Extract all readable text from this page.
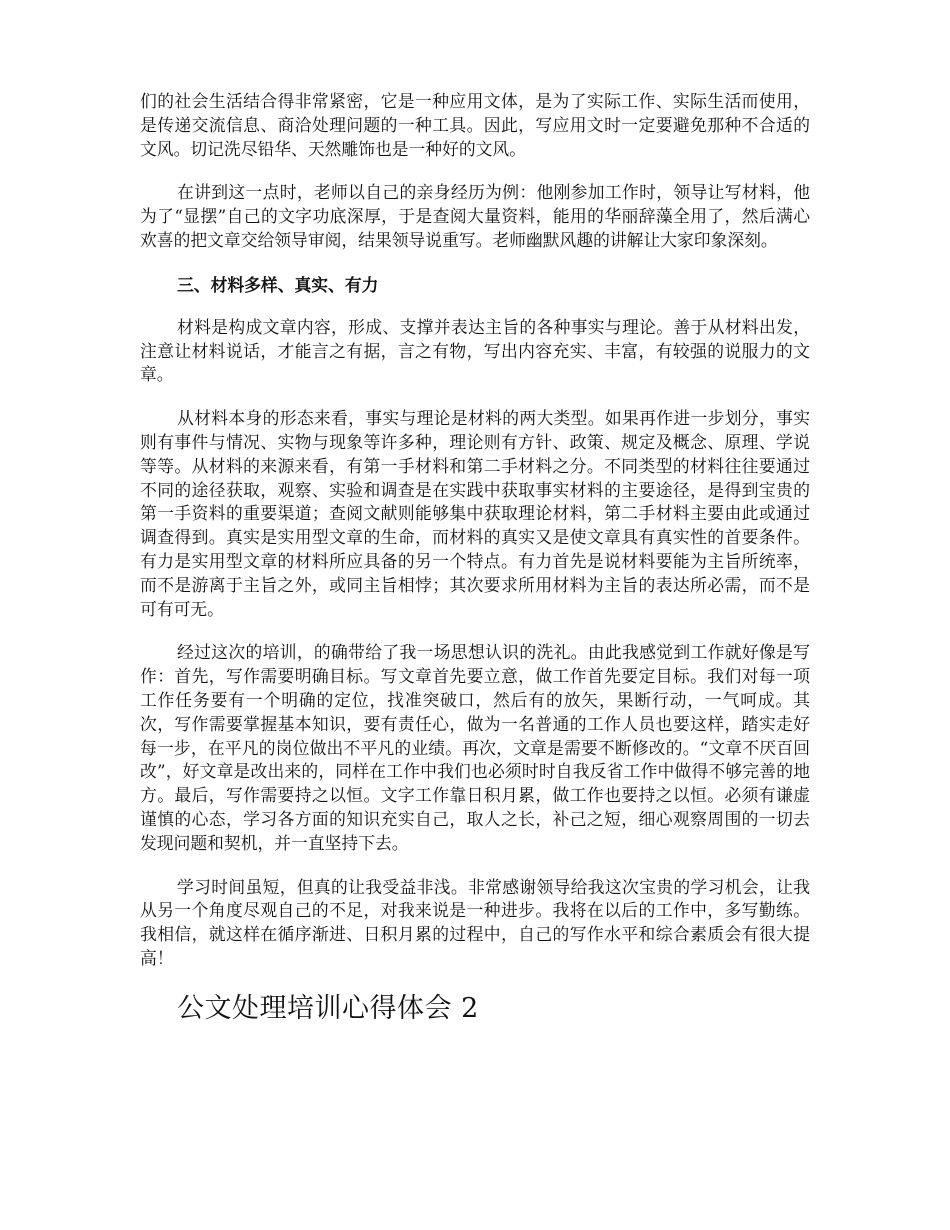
们的社会生活结合得非常紧密，它是一种应用文体，是为了实际工作、实际生活而使用，是传递交流信息、商洽处理问题的一种工具。因此，写应用文时一定要避免那种不合适的文风。切记洗尽铅华、天然雕饰也是一种好的文风。

在讲到这一点时，老师以自己的亲身经历为例：他刚参加工作时，领导让写材料，他为了“显摆”自己的文字功底深厚，于是查阅大量资料，能用的华丽辞藻全用了，然后满心欢喜的把文章交给领导审阅，结果领导说重写。老师幽默风趣的讲解让大家印象深刻。

三、材料多样、真实、有力

材料是构成文章内容，形成、支撑并表达主旨的各种事实与理论。善于从材料出发，注意让材料说话，才能言之有据，言之有物，写出内容充实、丰富，有较强的说服力的文章。

从材料本身的形态来看，事实与理论是材料的两大类型。如果再作进一步划分，事实则有事件与情况、实物与现象等许多种，理论则有方针、政策、规定及概念、原理、学说等等。从材料的来源来看，有第一手材料和第二手材料之分。不同类型的材料往往要通过不同的途径获取，观察、实验和调查是在实践中获取事实材料的主要途径，是得到宝贵的第一手资料的重要渠道；查阅文献则能够集中获取理论材料，第二手材料主要由此或通过调查得到。真实是实用型文章的生命，而材料的真实又是使文章具有真实性的首要条件。有力是实用型文章的材料所应具备的另一个特点。有力首先是说材料要能为主旨所统率，而不是游离于主旨之外，或同主旨相悖；其次要求所用材料为主旨的表达所必需，而不是可有可无。

经过这次的培训，的确带给了我一场思想认识的洗礼。由此我感觉到工作就好像是写作：首先，写作需要明确目标。写文章首先要立意，做工作首先要定目标。我们对每一项工作任务要有一个明确的定位，找准突破口，然后有的放矢，果断行动，一气呵成。其次，写作需要掌握基本知识，要有责任心，做为一名普通的工作人员也要这样，踏实走好每一步，在平凡的岗位做出不平凡的业绩。再次，文章是需要不断修改的。“文章不厌百回改”，好文章是改出来的，同样在工作中我们也必须时时自我反省工作中做得不够完善的地方。最后，写作需要持之以恒。文字工作靠日积月累，做工作也要持之以恒。必须有谦虚谨慎的心态，学习各方面的知识充实自己，取人之长，补己之短，细心观察周围的一切去发现问题和契机，并一直坚持下去。

学习时间虽短，但真的让我受益非浅。非常感谢领导给我这次宝贵的学习机会，让我从另一个角度尽观自己的不足，对我来说是一种进步。我将在以后的工作中，多写勤练。我相信，就这样在循序渐进、日积月累的过程中，自己的写作水平和综合素质会有很大提高！

公文处理培训心得体会 2
